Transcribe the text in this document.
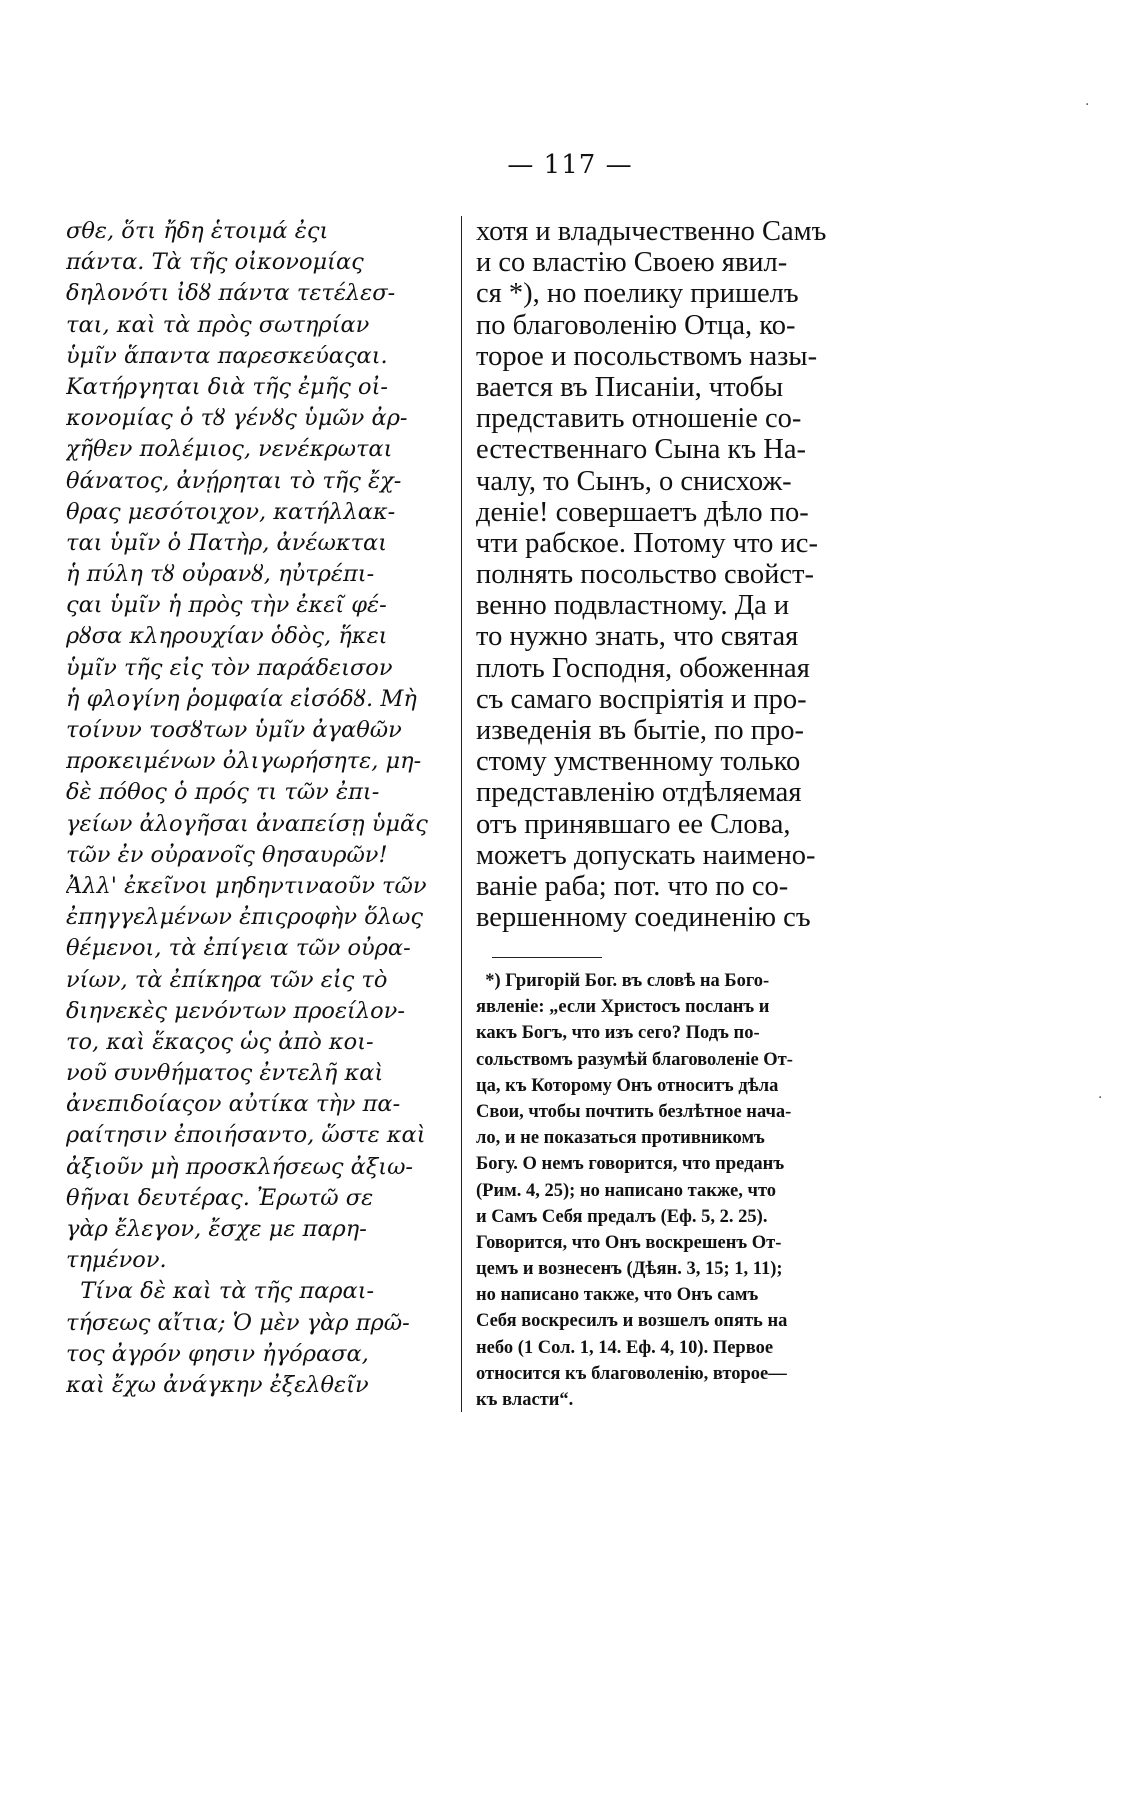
— 117 —
σθε, ὅτι ἤδη ἑτοιμά ἐςι
πάντα. Τὰ τῆς οἰκονομίας
δηλονότι ἰδȣ πάντα τετέλεσ-
ται, καὶ τὰ πρὸς σωτηρίαν
ὑμῖν ἅπαντα παρεσκεύαςαι.
Κατήργηται διὰ τῆς ἐμῆς οἰ-
κονομίας ὁ τȣ γένȣς ὑμῶν ἀρ-
χῆθεν πολέμιος, νενέκρωται
θάνατος, ἀνῄρηται τὸ τῆς ἔχ-
θρας μεσότοιχον, κατήλλακ-
ται ὑμῖν ὁ Πατὴρ, ἀνέωκται
ἡ πύλη τȣ οὐρανȣ, ηὐτρέπι-
ςαι ὑμῖν ἡ πρὸς τὴν ἐκεῖ φέ-
ρȣσα κληρουχίαν ὁδὸς, ἥκει
ὑμῖν τῆς εἰς τὸν παράδεισον
ἡ φλογίνη ῥομφαία εἰσόδȣ. Μὴ
τοίνυν τοσȣτων ὑμῖν ἀγαθῶν
προκειμένων ὀλιγωρήσητε, μη-
δὲ πόθος ὁ πρός τι τῶν ἐπι-
γείων ἀλογῆσαι ἀναπείσῃ ὑμᾶς
τῶν ἐν οὐρανοῖς θησαυρῶν!
Ἀλλ' ἐκεῖνοι μηδηντιναοῦν τῶν
ἐπηγγελμένων ἐπιςροφὴν ὅλως
θέμενοι, τὰ ἐπίγεια τῶν οὐρα-
νίων, τὰ ἐπίκηρα τῶν εἰς τὸ
διηνεκὲς μενόντων προείλον-
το, καὶ ἕκαςος ὡς ἀπὸ κοι-
νοῦ συνθήματος ἐντελῆ καὶ
ἀνεπιδοίαςον αὐτίκα τὴν πα-
ραίτησιν ἐποιήσαντο, ὥστε καὶ
ἀξιοῦν μὴ προσκλήσεως ἀξιω-
θῆναι δευτέρας. Ἐρωτῶ σε
γὰρ ἔλεγον, ἔσχε με παρη-
τημένον.
Τίνα δὲ καὶ τὰ τῆς παραι-
τήσεως αἴτια; Ὁ μὲν γὰρ πρῶ-
τος ἀγρόν φησιν ἠγόρασα,
καὶ ἔχω ἀνάγκην ἐξελθεῖν
хотя и владычественно Самъ
и со властію Своею явил-
ся *), но поелику пришелъ
по благоволенію Отца, ко-
торое и посольствомъ назы-
вается въ Писаніи, чтобы
представить отношеніе со-
естественнаго Сына къ На-
чалу, то Сынъ, о снисхож-
деніе! совершаетъ дѣло по-
чти рабское. Потому что ис-
полнять посольство свойст-
венно подвластному. Да и
то нужно знать, что святая
плоть Господня, обоженная
съ самаго воспріятія и про-
изведенія въ бытіе, по про-
стому умственному только
представленію отдѣляемая
отъ принявшаго ее Слова,
можетъ допускать наимено-
ваніе раба; пот. что по со-
вершенному соединенію съ
*) Григорій Бог. въ словѣ на Бого-
явленіе: „если Христосъ посланъ и
какъ Богъ, что изъ сего? Подъ по-
сольствомъ разумѣй благоволеніе От-
ца, къ Которому Онъ относитъ дѣла
Свои, чтобы почтить безлѣтное нача-
ло, и не показаться противникомъ
Богу. О немъ говорится, что преданъ
(Рим. 4, 25); но написано также, что
и Самъ Себя предалъ (Еф. 5, 2. 25).
Говорится, что Онъ воскрешенъ От-
цемъ и вознесенъ (Дѣян. 3, 15; 1, 11);
но написано также, что Онъ самъ
Себя воскресилъ и возшелъ опять на
небо (1 Сол. 1, 14. Еф. 4, 10). Первое
относится къ благоволенію, второе—
къ власти“.
·
·
